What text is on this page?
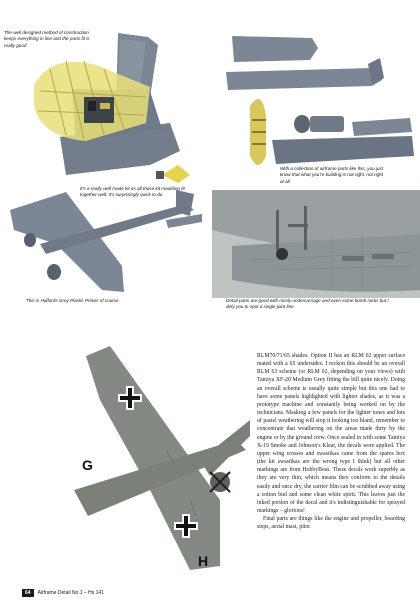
The well designed method of construction keeps everything in line and the parts fit is really good
With a collection of airframe parts like this, you just know that what you're building is not right, not right at all
It's a really well made kit as all those kit moulding fit together well. It's surprisingly quick to do
This is Halfords Grey Plastic Primer of course	Detail parts are good with nicely undercarriage and even some bomb racks but I defy you to spot a single joint line
G
H

RLM70/71/65 shades. Option II has an RLM 02 upper surface mated with a 65 undersides. I reckon this should be an overall RLM 63 scheme (or RLM 02, depending on your views) with Tamiya XF-20 Medium Grey fitting the bill quite nicely. Doing an overall scheme is usually quite simple but this one had to have some panels highlighted with lighter shades, as it was a prototype machine and constantly being worked on by the technicians. Masking a few panels for the lighter tones and lots of pastel weathering will stop it looking too bland, remember to concentrate that weathering on the areas made dirty by the engine or by the ground crew. Once sealed in with some Tamiya X-19 Smoke and Johnson's Klear, the decals were applied. The upper wing crosses and swastikas came from the spares box (the kit swastikas are the wrong type I think) but all other markings are from HobbyBoss. These decals work superbly as they are very thin, which means they conform to the details easily and once dry, the carrier film can be scrubbed away using a cotton bud and some clean white spirit. This leaves just the inked portion of the decal and it's indistinguishable for sprayed markings – glorious!

Final parts are things like the engine and propeller, boarding steps, aerial mast, pitot

64	Airframe Detail No.1 – Hs 141
